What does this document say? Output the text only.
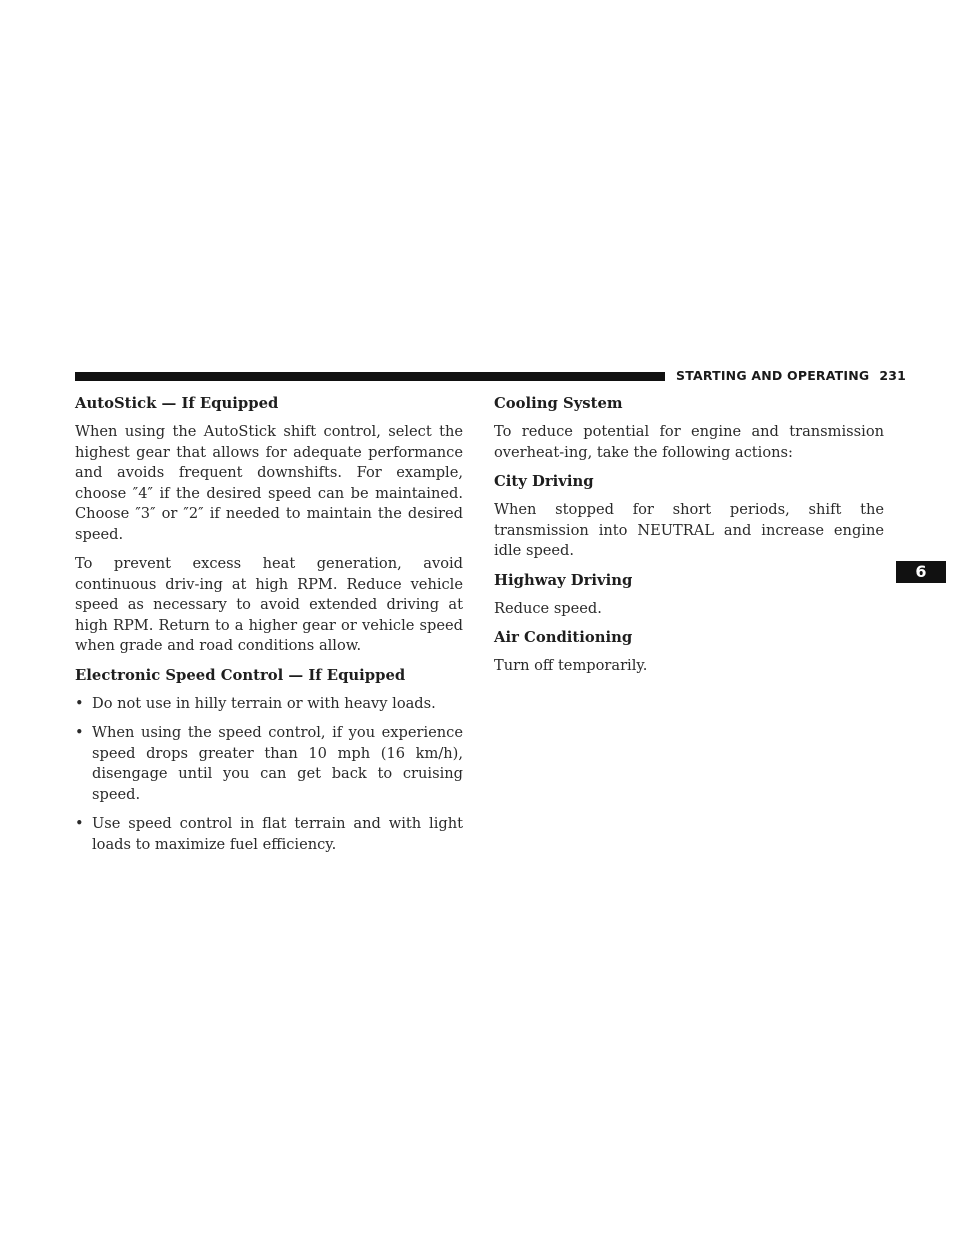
STARTING AND OPERATING 231
6
AutoStick — If Equipped

When using the AutoStick shift control, select the highest gear that allows for adequate performance and avoids frequent downshifts. For example, choose ″4″ if the desired speed can be maintained. Choose ″3″ or ″2″ if needed to maintain the desired speed.

To prevent excess heat generation, avoid continuous driv-ing at high RPM. Reduce vehicle speed as necessary to avoid extended driving at high RPM. Return to a higher gear or vehicle speed when grade and road conditions allow.

Electronic Speed Control — If Equipped
• Do not use in hilly terrain or with heavy loads.
• When using the speed control, if you experience speed drops greater than 10 mph (16 km/h), disengage until you can get back to cruising speed.
• Use speed control in flat terrain and with light loads to maximize fuel efficiency.
Cooling System

To reduce potential for engine and transmission overheat-ing, take the following actions:

City Driving

When stopped for short periods, shift the transmission into NEUTRAL and increase engine idle speed.

Highway Driving

Reduce speed.

Air Conditioning

Turn off temporarily.
